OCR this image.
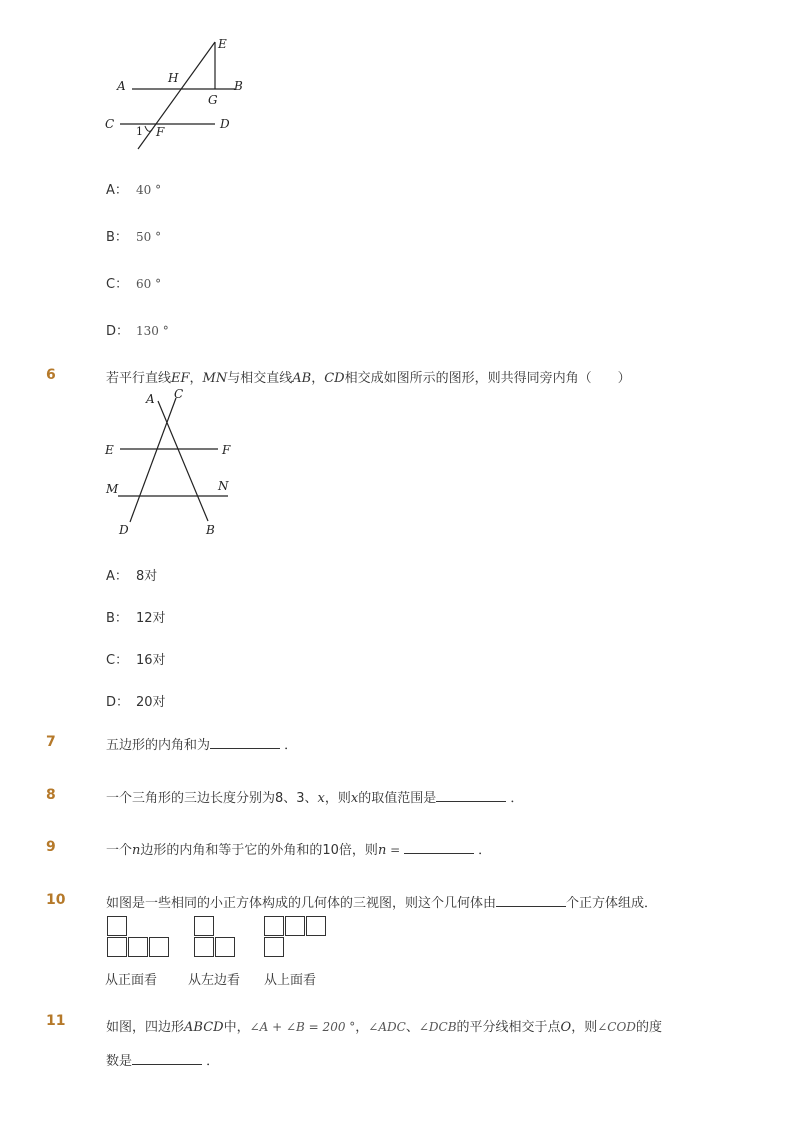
A
H
B
G
E
C	D
F
1
A： 40 °
B： 50 °
C： 60 °
D： 130 °
6	若平行直线EF，MN与相交直线AB，CD相交成如图所示的图形，则共得同旁内角（　　）
A C
E	F
M	N
D	B
A： 8对
B： 12对
C： 16对
D： 20对
7	五边形的内角和为	．
8	一个三角形的三边长度分别为8、3、x，则x的取值范围是	．
9	一个n边形的内角和等于它的外角和的10倍，则n =	．
10	如图是一些相同的小正方体构成的几何体的三视图，则这个几何体由	个正方体组成．
从正面看 从左边看 从上面看
11	如图，四边形ABCD中，∠A + ∠B = 200 °，∠ADC、∠DCB的平分线相交于点O，则∠COD的度
数是	．
